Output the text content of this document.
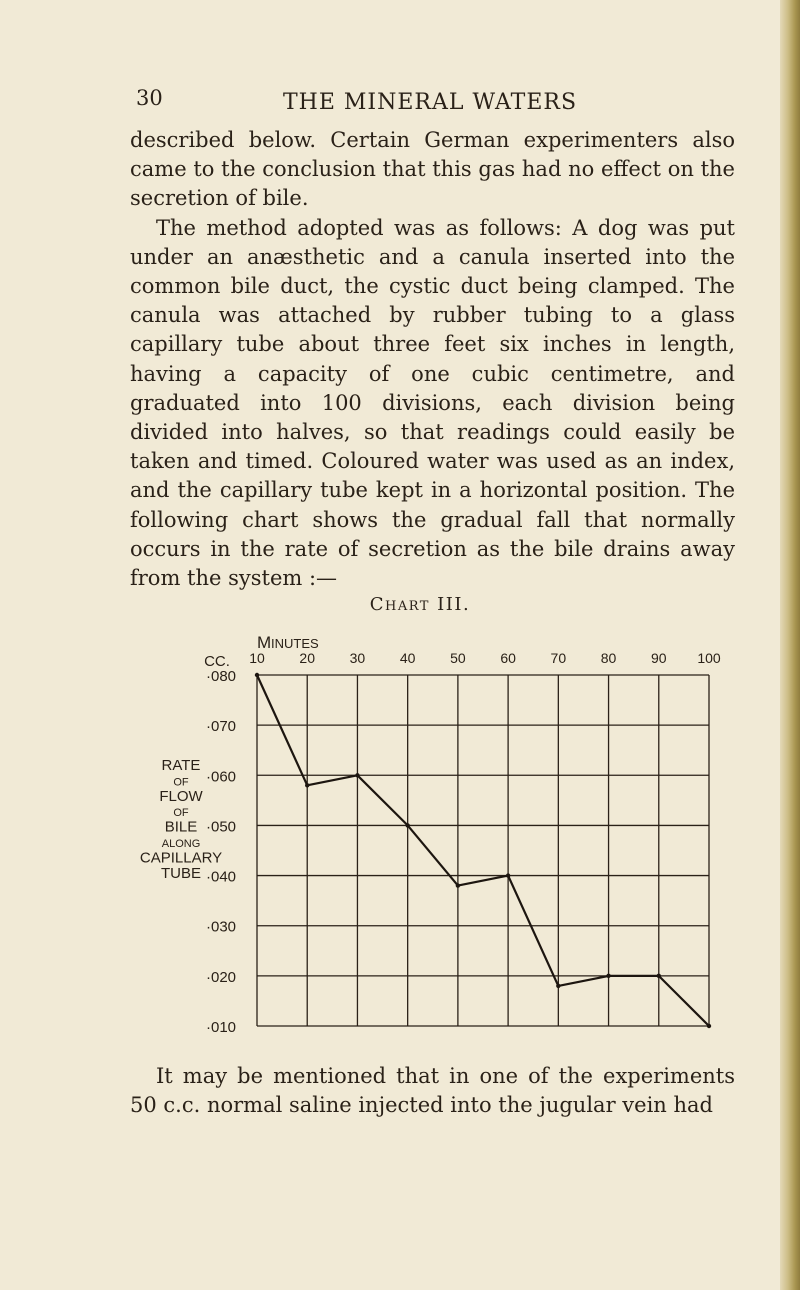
30	THE MINERAL WATERS

described below. Certain German experimenters also came to the conclusion that this gas had no effect on the secretion of bile.

The method adopted was as follows: A dog was put under an anæsthetic and a canula inserted into the common bile duct, the cystic duct being clamped. The canula was attached by rubber tubing to a glass capillary tube about three feet six inches in length, having a capacity of one cubic centimetre, and graduated into 100 divisions, each division being divided into halves, so that readings could easily be taken and timed. Coloured water was used as an index, and the capillary tube kept in a horizontal position. The following chart shows the gradual fall that normally occurs in the rate of secretion as the bile drains away from the system :—

Chart III.
·080
·070
·060
·050
·040
·030
·020
·010
CC.
M INUTES
10 20 30 40 50 60 70 80 90 100
RATE
OF
FLOW
OF
BILE
ALONG
CAPILLARY
TUBE

It may be mentioned that in one of the experiments 50 c.c. normal saline injected into the jugular vein had
